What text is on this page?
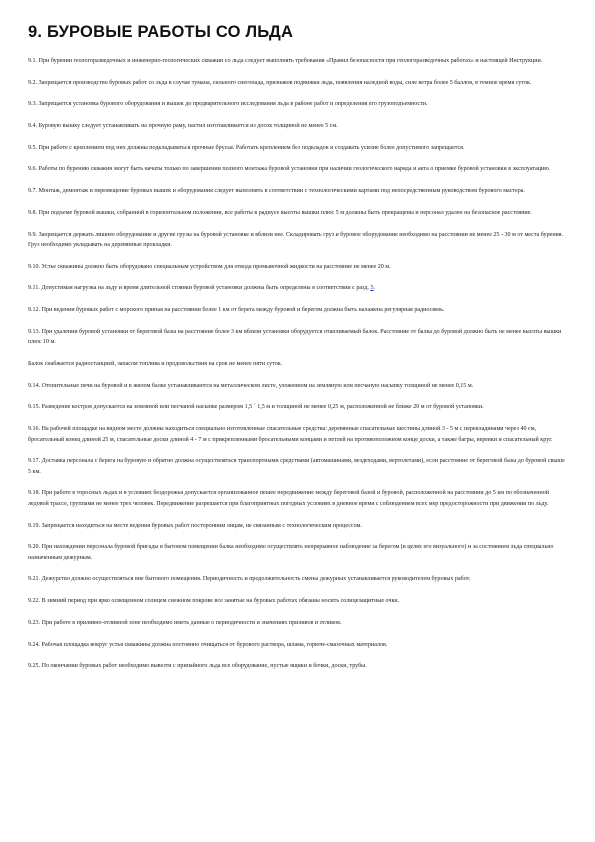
9. БУРОВЫЕ РАБОТЫ СО ЛЬДА

9.1. При бурении геологоразведочных и инженерно-геологических скважин со льда следует выполнять требования «Правил безопасности при геологоразведочных работах» и настоящей Инструкции.

9.2. Запрещается производство буровых работ со льда в случае тумана, сильного снегопада, признаков подвижки льда, появления наледной воды, силе ветра более 5 баллов, в темное время суток.

9.3. Запрещается установка бурового оборудования и вышек до предварительного исследования льда в районе работ и определения его грузоподъемности.

9.4. Буровую вышку следует устанавливать на прочную раму, настил изготавливается из досок толщиной не менее 5 см.

9.5. При работе с креплением под них должны подкладываться прочные брусья. Работать креплением без подкладок и создавать усилие более допустимого запрещается.

9.6. Работы по бурению скважин могут быть начаты только по завершении полного монтажа буровой установки при наличии геологического наряда и акта о приемке буровой установки в эксплуатацию.

9.7. Монтаж, демонтаж и перемещение буровых вышек и оборудования следует выполнять в соответствии с технологическими картами под непосредственным руководством бурового мастера.

9.8. При подъеме буровой вышки, собранной в горизонтальном положении, все работы в радиусе высоты вышки плюс 5 м должны быть прекращены и персонал удален на безопасное расстояние.

9.9. Запрещается держать лишнее оборудование и другие грузы на буровой установке и вблизи нее. Складировать груз и буровое оборудование необходимо на расстоянии не менее 25 - 30 м от места бурения. Груз необходимо укладывать на деревянные прокладки.

9.10. Устье скважины должно быть оборудовано специальным устройством для отвода промывочной жидкости на расстояние не менее 20 м.

9.11. Допустимая нагрузка на льду и время длительной стоянки буровой установки должны быть определены в соответствии с разд. 5.

9.12. При ведении буровых работ с морского припая на расстоянии более 1 км от берега между буровой и берегом должна быть налажена регулярная радиосвязь.

9.13. При удалении буровой установки от береговой базы на расстояние более 3 км вблизи установки оборудуется отапливаемый балок. Расстояние от балка до буровой должно быть не менее высоты вышки плюс 10 м.

Балок снабжается радиостанцией, запасом топлива и продовольствия на срок не менее пяти суток.

9.14. Отопительные печи на буровой и в жилом балке устанавливаются на металлическом листе, уложенном на земляную или песчаную насыпку толщиной не менее 0,15 м.

9.15. Разведение костров допускается на земляной или песчаной насыпке размером 1,5 ´ 1,5 м и толщиной не менее 0,25 м, расположенной не ближе 20 м от буровой установки.

9.16. На рабочей площадке на видном месте должны находиться специально изготовленные спасательные средства: деревянные спасательные шестины длиной 3 - 5 м с перекладинами через 40 см, бросательный конец длиной 25 м, спасательные доски длиной 4 - 7 м с прикрепленными бросательными концами и петлей на противоположном конце доски, а также багры, веревки и спасательный круг.

9.17. Доставка персонала с берега на буровую и обратно должна осуществляться транспортными средствами (автомашинами, вездеходами, вертолетами), если расстояние от береговой базы до буровой свыше 5 км.

9.18. При работе в торосных льдах и в условиях бездорожья допускается организованное пешее передвижение между береговой базой и буровой, расположенной на расстоянии до 5 км по обозначенной ледовой трассе, группами не менее трех человек. Передвижение разрешается при благоприятных погодных условиях в дневное время с соблюдением всех мер предосторожности при движении по льду.

9.19. Запрещается находиться на месте ведения буровых работ посторонним лицам, не связанным с технологическим процессом.

9.20. При нахождении персонала буровой бригады в бытовом помещении балка необходимо осуществлять непрерывное наблюдение за берегом (в целях его визуального) и за состоянием льда специально назначенным дежурным.

9.21. Дежурство должно осуществляться вне бытового помещения. Периодичность и продолжительность смены дежурных устанавливается руководителем буровых работ.

9.22. В зимний период при ярко освещенном солнцем снежном покрове все занятые на буровых работах обязаны носить солнцезащитные очки.

9.23. При работе в приливно-отливной зоне необходимо иметь данные о периодичности и значениях приливов и отливов.

9.24. Рабочая площадка вокруг устья скважины должна постоянно очищаться от бурового раствора, шлама, горюче-смазочных материалов.

9.25. По окончании буровых работ необходимо вывезти с припайного льда все оборудование, пустые ящики и бочки, доски, трубы.
